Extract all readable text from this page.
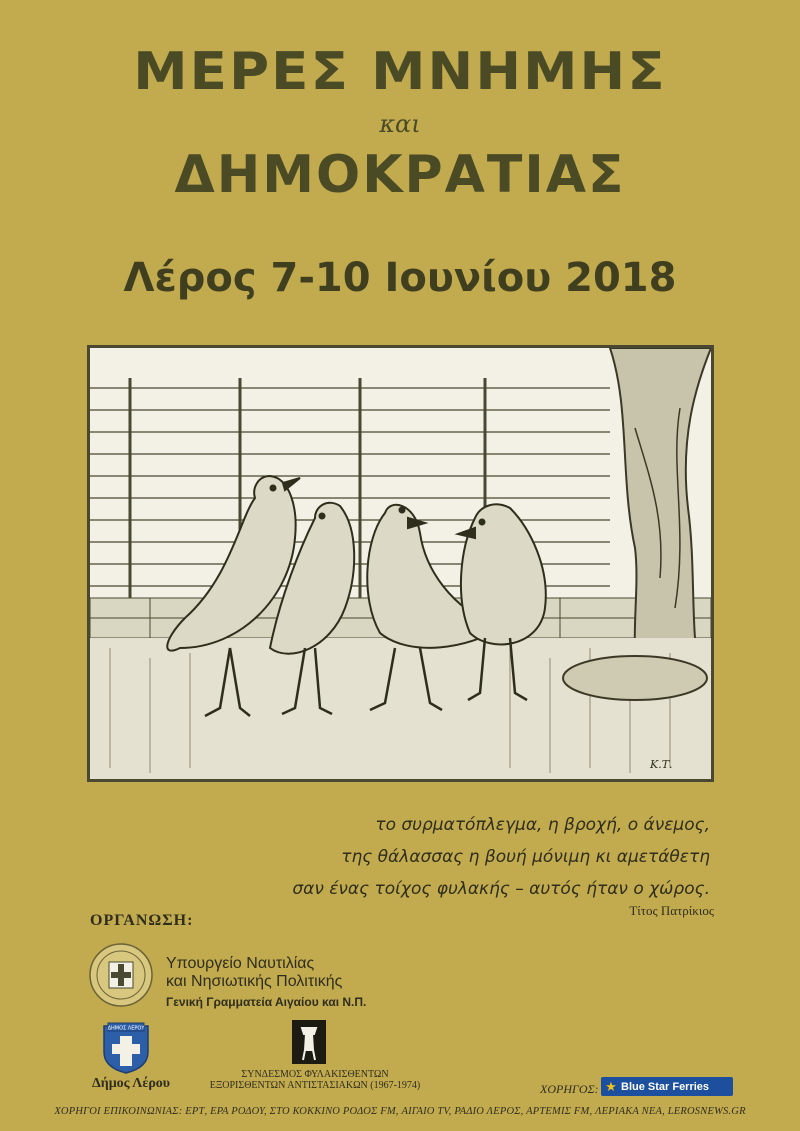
ΜΕΡΕΣ ΜΝΗΜΗΣ
και
ΔΗΜΟΚΡΑΤΙΑΣ
Λέρος 7-10 Ιουνίου 2018
K.Τ.
το συρματόπλεγμα, η βροχή, ο άνεμος,
της θάλασσας η βουή μόνιμη κι αμετάθετη
σαν ένας τοίχος φυλακής – αυτός ήταν ο χώρος.
Τίτος Πατρίκιος
ΟΡΓΑΝΩΣΗ:
Υπουργείο Ναυτιλίας
και Νησιωτικής Πολιτικής
Γενική Γραμματεία Αιγαίου και Ν.Π.
ΔΗΜΟΣ ΛΕΡΟΥ
Δήμος Λέρου
ΣΥΝΔΕΣΜΟΣ ΦΥΛΑΚΙΣΘΕΝΤΩΝ
ΕΞΟΡΙΣΘΕΝΤΩΝ ΑΝΤΙΣΤΑΣΙΑΚΩΝ (1967-1974)	ΧΟΡΗΓΟΣ: ★ Blue Star Ferries
ΧΟΡΗΓΟΙ ΕΠΙΚΟΙΝΩΝΙΑΣ: ΕΡΤ, ΕΡΑ ΡΟΔΟΥ, ΣΤΟ ΚΟΚΚΙΝΟ ΡΟΔΟΣ FM, ΑΙΓΑΙΟ TV, ΡΑΔΙΟ ΛΕΡΟΣ, ΑΡΤΕΜΙΣ FM, ΛΕΡΙΑΚΑ ΝΕΑ, LEROSNEWS.GR
